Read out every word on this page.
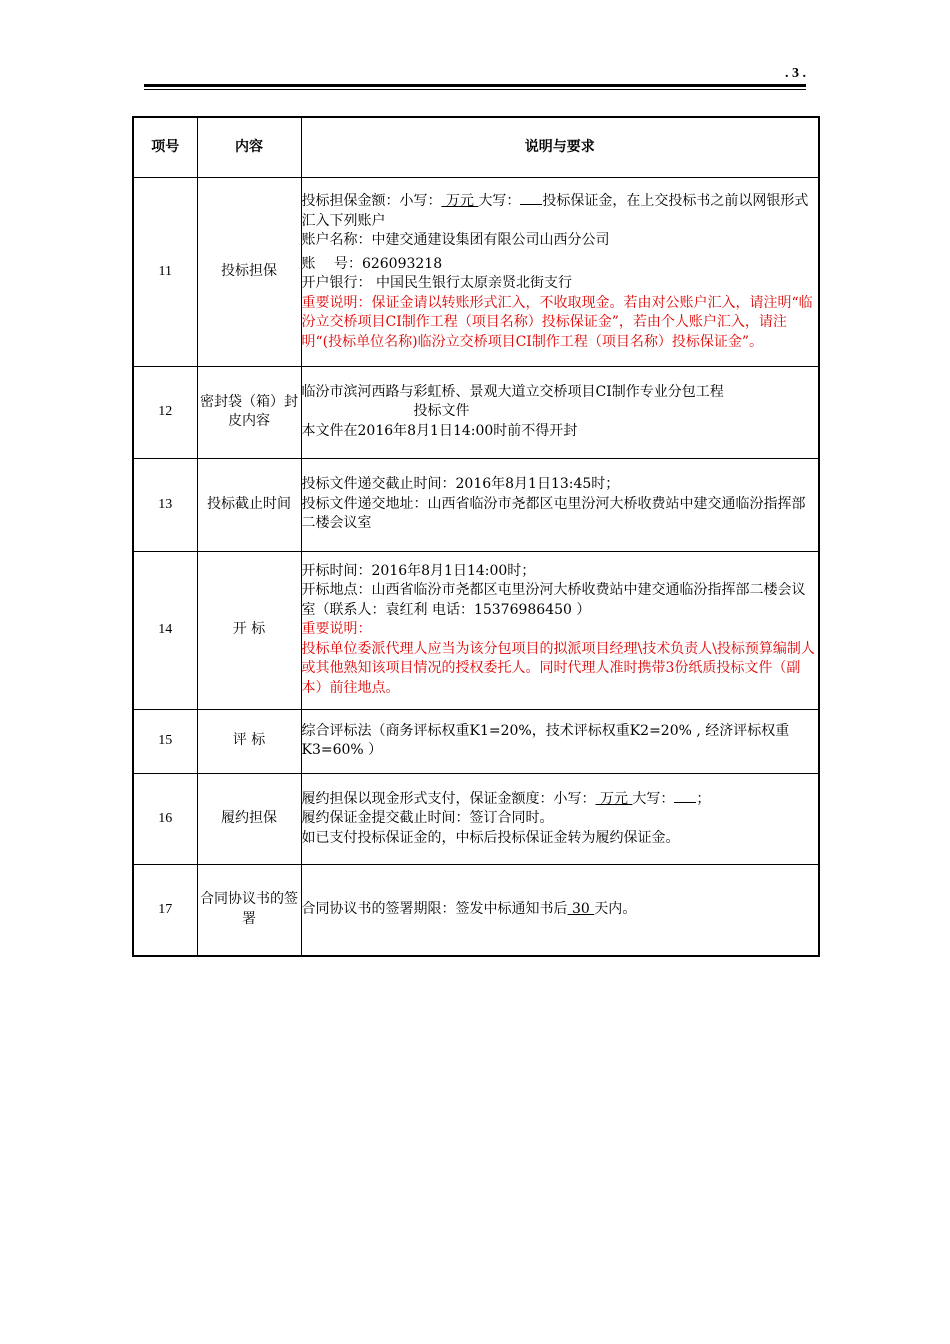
. 3 .
项号	内容	说明与要求
11	投标担保	投标担保金额：小写： 万元 大写： 投标保证金，在上交投标书之前以网银形式汇入下列账户
账户名称：中建交通建设集团有限公司山西分公司
账　 号：626093218
开户银行： 中国民生银行太原亲贤北街支行
重要说明：保证金请以转账形式汇入，不收取现金。若由对公账户汇入，请注明“临汾立交桥项目CI制作工程（项目名称）投标保证金”，若由个人账户汇入，请注明“(投标单位名称)临汾立交桥项目CI制作工程（项目名称）投标保证金”。

12	密封袋（箱）封皮内容	临汾市滨河西路与彩虹桥、景观大道立交桥项目CI制作专业分包工程
投标文件
本文件在2016年8月1日14:00时前不得开封

13	投标截止时间	投标文件递交截止时间：2016年8月1日13:45时；
投标文件递交地址：山西省临汾市尧都区屯里汾河大桥收费站中建交通临汾指挥部二楼会议室

14	开 标	开标时间：2016年8月1日14:00时；
开标地点：山西省临汾市尧都区屯里汾河大桥收费站中建交通临汾指挥部二楼会议室（联系人：袁红利 电话：15376986450 ）
重要说明：
投标单位委派代理人应当为该分包项目的拟派项目经理\技术负责人\投标预算编制人或其他熟知该项目情况的授权委托人。同时代理人准时携带3份纸质投标文件（副本）前往地点。

15	评 标	综合评标法（商务评标权重K1=20%，技术评标权重K2=20% , 经济评标权重K3=60% ）

16	履约担保	履约担保以现金形式支付，保证金额度：小写： 万元 大写： ；
履约保证金提交截止时间：签订合同时。
如已支付投标保证金的，中标后投标保证金转为履约保证金。

17	合同协议书的签署	合同协议书的签署期限：签发中标通知书后 30 天内。
